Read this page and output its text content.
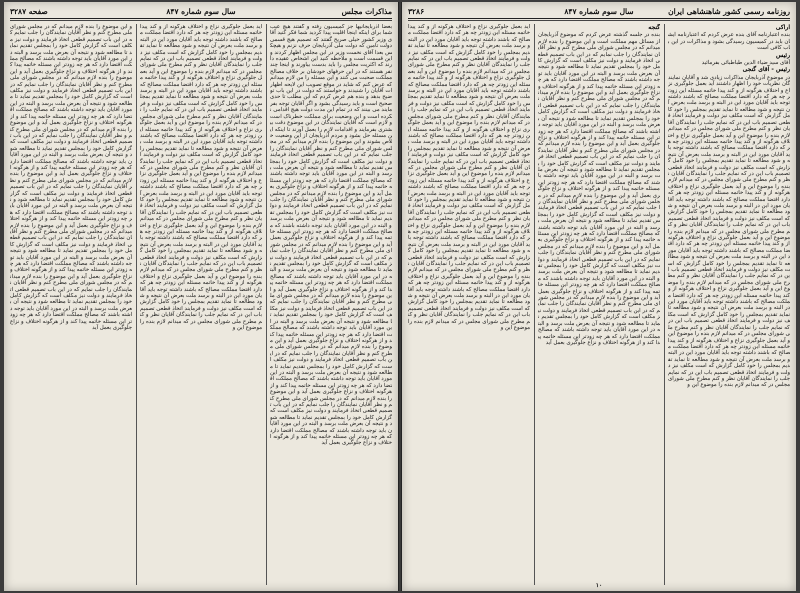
مذاکرات مجلس
سال سوم شماره ۸۴۷
صفحه ۳۲۸۷
و این موضوع را بنده لازم میدانم که در مجلس شورای ملی مطرح کنم و نظر آقایان نمایندگان را جلب نمایم که در این باب تصمیم قطعی اتخاذ فرمایند و دولت نیز مکلف است که گزارش کامل خود را بمجلس تقدیم نماید تا مطالعه شود و نتیجه آن بعرض ملت برسد و البته در این مورد آقایان باید توجه داشته باشند که مصالح مملکت اقتضا دارد که هر چه زودتر این مسئله خاتمه پیدا کند و از هرگونه اختلاف و نزاع جلوگیری بعمل آید و این موضوع را بنده لازم میدانم که در مجلس شورای ملی مطرح کنم و نظر آقایان نمایندگان را جلب نمایم که در این باب تصمیم قطعی اتخاذ فرمایند و دولت نیز مکلف است که گزارش کامل خود را بمجلس تقدیم نماید تا مطالعه شود و نتیجه آن بعرض ملت برسد و البته در این مورد آقایان باید توجه داشته باشند که مصالح مملکت اقتضا دارد که هر چه زودتر این مسئله خاتمه پیدا کند و از هرگونه اختلاف و نزاع جلوگیری بعمل آید و این موضوع را بنده لازم میدانم که در مجلس شورای ملی مطرح کنم و نظر آقایان نمایندگان را جلب نمایم که در این باب تصمیم قطعی اتخاذ فرمایند و دولت نیز مکلف است که گزارش کامل خود را بمجلس تقدیم نماید تا مطالعه شود و نتیجه آن بعرض ملت برسد و البته در این مورد آقایان باید توجه داشته باشند که مصالح مملکت اقتضا دارد که هر چه زودتر این مسئله خاتمه پیدا کند و از هرگونه اختلاف و نزاع جلوگیری بعمل آید و این موضوع را بنده لازم میدانم که در مجلس شورای ملی مطرح کنم و نظر آقایان نمایندگان را جلب نمایم که در این باب تصمیم قطعی اتخاذ فرمایند و دولت نیز مکلف است که گزارش کامل خود را بمجلس تقدیم نماید تا مطالعه شود و نتیجه آن بعرض ملت برسد و البته در این مورد آقایان باید توجه داشته باشند که مصالح مملکت اقتضا دارد که هر چه زودتر این مسئله خاتمه پیدا کند و از هرگونه اختلاف و نزاع جلوگیری بعمل آید و این موضوع را بنده لازم میدانم که در مجلس شورای ملی مطرح کنم و نظر آقایان نمایندگان را جلب نمایم که در این باب تصمیم قطعی اتخاذ فرمایند و دولت نیز مکلف است که گزارش کامل خود را بمجلس تقدیم نماید تا مطالعه شود و نتیجه آن بعرض ملت برسد و البته در این مورد آقایان باید توجه داشته باشند که مصالح مملکت اقتضا دارد که هر چه زودتر این مسئله خاتمه پیدا کند و از هرگونه اختلاف و نزاع جلوگیری بعمل آید و این موضوع را بنده لازم میدانم که در مجلس شورای ملی مطرح کنم و نظر آقایان نمایندگان را جلب نمایم که در این باب تصمیم قطعی اتخاذ فرمایند و دولت نیز مکلف است که گزارش کامل خود را بمجلس تقدیم نماید تا مطالعه شود و نتیجه آن بعرض ملت برسد و البته در این مورد آقایان باید توجه داشته باشند که مصالح مملکت اقتضا دارد که هر چه زودتر این مسئله خاتمه پیدا کند و از هرگونه اختلاف و نزاع جلوگیری بعمل آید
آید بعمل جلوگیری نزاع و اختلاف هرگونه از و کند پیدا خاتمه مسئله این زودتر چه هر که دارد اقتضا مملکت مصالح که باشند داشته توجه باید آقایان مورد این در البته و برسد ملت بعرض آن نتیجه و شود مطالعه تا نماید تقدیم بمجلس را خود کامل گزارش که است مکلف نیز دولت و فرمایند اتخاذ قطعی تصمیم باب این در که نمایم جلب را نمایندگان آقایان نظر و کنم مطرح ملی شورای مجلس در که میدانم لازم بنده را موضوع این و آید بعمل جلوگیری نزاع و اختلاف هرگونه از و کند پیدا خاتمه مسئله این زودتر چه هر که دارد اقتضا مملکت مصالح که باشند داشته توجه باید آقایان مورد این در البته و برسد ملت بعرض آن نتیجه و شود مطالعه تا نماید تقدیم بمجلس را خود کامل گزارش که است مکلف نیز دولت و فرمایند اتخاذ قطعی تصمیم باب این در که نمایم جلب را نمایندگان آقایان نظر و کنم مطرح ملی شورای مجلس در که میدانم لازم بنده را موضوع این و آید بعمل جلوگیری نزاع و اختلاف هرگونه از و کند پیدا خاتمه مسئله این زودتر چه هر که دارد اقتضا مملکت مصالح که باشند داشته توجه باید آقایان مورد این در البته و برسد ملت بعرض آن نتیجه و شود مطالعه تا نماید تقدیم بمجلس را خود کامل گزارش که است مکلف نیز دولت و فرمایند اتخاذ قطعی تصمیم باب این در که نمایم جلب را نمایندگان آقایان نظر و کنم مطرح ملی شورای مجلس در که میدانم لازم بنده را موضوع این و آید بعمل جلوگیری نزاع و اختلاف هرگونه از و کند پیدا خاتمه مسئله این زودتر چه هر که دارد اقتضا مملکت مصالح که باشند داشته توجه باید آقایان مورد این در البته و برسد ملت بعرض آن نتیجه و شود مطالعه تا نماید تقدیم بمجلس را خود کامل گزارش که است مکلف نیز دولت و فرمایند اتخاذ قطعی تصمیم باب این در که نمایم جلب را نمایندگان آقایان نظر و کنم مطرح ملی شورای مجلس در که میدانم لازم بنده را موضوع این و آید بعمل جلوگیری نزاع و اختلاف هرگونه از و کند پیدا خاتمه مسئله این زودتر چه هر که دارد اقتضا مملکت مصالح که باشند داشته توجه باید آقایان مورد این در البته و برسد ملت بعرض آن نتیجه و شود مطالعه تا نماید تقدیم بمجلس را خود کامل گزارش که است مکلف نیز دولت و فرمایند اتخاذ قطعی تصمیم باب این در که نمایم جلب را نمایندگان آقایان نظر و کنم مطرح ملی شورای مجلس در که میدانم لازم بنده را موضوع این و آید بعمل جلوگیری نزاع و اختلاف هرگونه از و کند پیدا خاتمه مسئله این زودتر چه هر که دارد اقتضا مملکت مصالح که باشند داشته توجه باید آقایان مورد این در البته و برسد ملت بعرض آن نتیجه و شود مطالعه تا نماید تقدیم بمجلس را خود کامل گزارش که است مکلف نیز دولت و فرمایند اتخاذ قطعی تصمیم باب این در که نمایم جلب را نمایندگان آقایان نظر و کنم مطرح ملی شورای مجلس در که میدانم لازم بنده را موضوع این و
بعضا آذربایجانیها جز کمیسیون رفته و گفتند هیچ عیب شما برای اینکه اینجا اقلیت پیدا کردید شما فکر کنید آقای وزیر کشور خیلی صریح گفتند که تصمیم هیچ قسمی دولت تامین که دولت ملی آذربایجان حرف نزنم و هیچکس بعدا آقای نخست وزیر در این مجلس اظهار کردند و این قسمت است و ملاحظه کنید این اشخاص عقیده دارند که اکثریت مجلس را باید بدست بیاورند و اینجا چند نفر هستند که در این حرفهای خودشان بر خلاف مصالح مملکت صحبت می کنند و این مسئله را من لازم میدانم که عرض کنم که شاید در موقع تصویب این لایحه اظهارات آقایان را شنیدند و خواستند که دولت در این باب توضیح بدهد و بنده هم عرض کردم که این مطلب تا حدی صحیح است و باید رسیدگی بشود و اگر آقایان توجه بفرمایند می بینند که در تمام این مدت دولت هیچ اقدامی نکرده است و این وضعیت برای مملکت خطرناک است و لازم است که آقایان نمایندگان در این موضوع دقت بیشتری بفرمایند و اقدامات لازم را بعمل آورند تا اینکه این مسئله حل بشود و مردم آذربایجان از این وضعیت خلاص بشوند و این موضوع را بنده لازم میدانم که در مجلس شورای ملی مطرح کنم و نظر آقایان نمایندگان را جلب نمایم که در این باب تصمیم قطعی اتخاذ فرمایند و دولت نیز مکلف است که گزارش کامل خود را بمجلس تقدیم نماید تا مطالعه شود و نتیجه آن بعرض ملت برسد و البته در این مورد آقایان باید توجه داشته باشند که مصالح مملکت اقتضا دارد که هر چه زودتر این مسئله خاتمه پیدا کند و از هرگونه اختلاف و نزاع جلوگیری بعمل آید و این موضوع را بنده لازم میدانم که در مجلس شورای ملی مطرح کنم و نظر آقایان نمایندگان را جلب نمایم که در این باب تصمیم قطعی اتخاذ فرمایند و دولت نیز مکلف است که گزارش کامل خود را بمجلس تقدیم نماید تا مطالعه شود و نتیجه آن بعرض ملت برسد و البته در این مورد آقایان باید توجه داشته باشند که مصالح مملکت اقتضا دارد که هر چه زودتر این مسئله خاتمه پیدا کند و از هرگونه اختلاف و نزاع جلوگیری بعمل آید و این موضوع را بنده لازم میدانم که در مجلس شورای ملی مطرح کنم و نظر آقایان نمایندگان را جلب نمایم که در این باب تصمیم قطعی اتخاذ فرمایند و دولت نیز مکلف است که گزارش کامل خود را بمجلس تقدیم نماید تا مطالعه شود و نتیجه آن بعرض ملت برسد و البته در این مورد آقایان باید توجه داشته باشند که مصالح مملکت اقتضا دارد که هر چه زودتر این مسئله خاتمه پیدا کند و از هرگونه اختلاف و نزاع جلوگیری بعمل آید و این موضوع را بنده لازم میدانم که در مجلس شورای ملی مطرح کنم و نظر آقایان نمایندگان را جلب نمایم که در این باب تصمیم قطعی اتخاذ فرمایند و دولت نیز مکلف است که گزارش کامل خود را بمجلس تقدیم نماید تا مطالعه شود و نتیجه آن بعرض ملت برسد و البته در این مورد آقایان باید توجه داشته باشند که مصالح مملکت اقتضا دارد که هر چه زودتر این مسئله خاتمه پیدا کند و از هرگونه اختلاف و نزاع جلوگیری بعمل آید و این موضوع را بنده لازم میدانم که در مجلس شورای ملی مطرح کنم و نظر آقایان نمایندگان را جلب نمایم که در این باب تصمیم قطعی اتخاذ فرمایند و دولت نیز مکلف است که گزارش کامل خود را بمجلس تقدیم نماید تا مطالعه شود و نتیجه آن بعرض ملت برسد و البته در این مورد آقایان باید توجه داشته باشند که مصالح مملکت اقتضا دارد که هر چه زودتر این مسئله خاتمه پیدا کند و از هرگونه اختلاف و نزاع جلوگیری بعمل آید و این موضوع را بنده لازم میدانم که در مجلس شورای ملی مطرح کنم و نظر آقایان نمایندگان را جلب نمایم که در این باب تصمیم قطعی اتخاذ فرمایند و دولت نیز مکلف است که گزارش کامل خود را بمجلس تقدیم نماید تا مطالعه شود و نتیجه آن بعرض ملت برسد و البته در این مورد آقایان باید توجه داشته باشند که مصالح مملکت اقتضا دارد که هر چه زودتر این مسئله خاتمه پیدا کند و از هرگونه اختلاف و نزاع جلوگیری بعمل آید
روزنامه رسمی کشور شاهنشاهی ایران
سال سوم شماره ۸۴۷
۳۲۸۶
آید بعمل جلوگیری نزاع و اختلاف هرگونه از و کند پیدا خاتمه مسئله این زودتر چه هر که دارد اقتضا مملکت مصالح که باشند داشته توجه باید آقایان مورد این در البته و برسد ملت بعرض آن نتیجه و شود مطالعه تا نماید تقدیم بمجلس را خود کامل گزارش که است مکلف نیز دولت و فرمایند اتخاذ قطعی تصمیم باب این در که نمایم جلب را نمایندگان آقایان نظر و کنم مطرح ملی شورای مجلس در که میدانم لازم بنده را موضوع این و آید بعمل جلوگیری نزاع و اختلاف هرگونه از و کند پیدا خاتمه مسئله این زودتر چه هر که دارد اقتضا مملکت مصالح که باشند داشته توجه باید آقایان مورد این در البته و برسد ملت بعرض آن نتیجه و شود مطالعه تا نماید تقدیم بمجلس را خود کامل گزارش که است مکلف نیز دولت و فرمایند اتخاذ قطعی تصمیم باب این در که نمایم جلب را نمایندگان آقایان نظر و کنم مطرح ملی شورای مجلس در که میدانم لازم بنده را موضوع این و آید بعمل جلوگیری نزاع و اختلاف هرگونه از و کند پیدا خاتمه مسئله این زودتر چه هر که دارد اقتضا مملکت مصالح که باشند داشته توجه باید آقایان مورد این در البته و برسد ملت بعرض آن نتیجه و شود مطالعه تا نماید تقدیم بمجلس را خود کامل گزارش که است مکلف نیز دولت و فرمایند اتخاذ قطعی تصمیم باب این در که نمایم جلب را نمایندگان آقایان نظر و کنم مطرح ملی شورای مجلس در که میدانم لازم بنده را موضوع این و آید بعمل جلوگیری نزاع و اختلاف هرگونه از و کند پیدا خاتمه مسئله این زودتر چه هر که دارد اقتضا مملکت مصالح که باشند داشته توجه باید آقایان مورد این در البته و برسد ملت بعرض آن نتیجه و شود مطالعه تا نماید تقدیم بمجلس را خود کامل گزارش که است مکلف نیز دولت و فرمایند اتخاذ قطعی تصمیم باب این در که نمایم جلب را نمایندگان آقایان نظر و کنم مطرح ملی شورای مجلس در که میدانم لازم بنده را موضوع این و آید بعمل جلوگیری نزاع و اختلاف هرگونه از و کند پیدا خاتمه مسئله این زودتر چه هر که دارد اقتضا مملکت مصالح که باشند داشته توجه باید آقایان مورد این در البته و برسد ملت بعرض آن نتیجه و شود مطالعه تا نماید تقدیم بمجلس را خود کامل گزارش که است مکلف نیز دولت و فرمایند اتخاذ قطعی تصمیم باب این در که نمایم جلب را نمایندگان آقایان نظر و کنم مطرح ملی شورای مجلس در که میدانم لازم بنده را موضوع این و آید بعمل جلوگیری نزاع و اختلاف هرگونه از و کند پیدا خاتمه مسئله این زودتر چه هر که دارد اقتضا مملکت مصالح که باشند داشته توجه باید آقایان مورد این در البته و برسد ملت بعرض آن نتیجه و شود مطالعه تا نماید تقدیم بمجلس را خود کامل گزارش که است مکلف نیز دولت و فرمایند اتخاذ قطعی تصمیم باب این در که نمایم جلب را نمایندگان آقایان نظر و کنم مطرح ملی شورای مجلس در که میدانم لازم بنده را موضوع این و
گنجه
بنده در جلسه گذشته عرض کردم که موضوع آذربایجان از مسائل مهم مملکت است و این موضوع را بنده لازم میدانم که در مجلس شورای ملی مطرح کنم و نظر آقایان نمایندگان را جلب نمایم که در این باب تصمیم قطعی اتخاذ فرمایند و دولت نیز مکلف است که گزارش کامل خود را بمجلس تقدیم نماید تا مطالعه شود و نتیجه آن بعرض ملت برسد و البته در این مورد آقایان باید توجه داشته باشند که مصالح مملکت اقتضا دارد که هر چه زودتر این مسئله خاتمه پیدا کند و از هرگونه اختلاف و نزاع جلوگیری بعمل آید و این موضوع را بنده لازم میدانم که در مجلس شورای ملی مطرح کنم و نظر آقایان نمایندگان را جلب نمایم که در این باب تصمیم قطعی اتخاذ فرمایند و دولت نیز مکلف است که گزارش کامل خود را بمجلس تقدیم نماید تا مطالعه شود و نتیجه آن بعرض ملت برسد و البته در این مورد آقایان باید توجه داشته باشند که مصالح مملکت اقتضا دارد که هر چه زودتر این مسئله خاتمه پیدا کند و از هرگونه اختلاف و نزاع جلوگیری بعمل آید و این موضوع را بنده لازم میدانم که در مجلس شورای ملی مطرح کنم و نظر آقایان نمایندگان را جلب نمایم که در این باب تصمیم قطعی اتخاذ فرمایند و دولت نیز مکلف است که گزارش کامل خود را بمجلس تقدیم نماید تا مطالعه شود و نتیجه آن بعرض ملت برسد و البته در این مورد آقایان باید توجه داشته باشند که مصالح مملکت اقتضا دارد که هر چه زودتر این مسئله خاتمه پیدا کند و از هرگونه اختلاف و نزاع جلوگیری بعمل آید و این موضوع را بنده لازم میدانم که در مجلس شورای ملی مطرح کنم و نظر آقایان نمایندگان را جلب نمایم که در این باب تصمیم قطعی اتخاذ فرمایند و دولت نیز مکلف است که گزارش کامل خود را بمجلس تقدیم نماید تا مطالعه شود و نتیجه آن بعرض ملت برسد و البته در این مورد آقایان باید توجه داشته باشند که مصالح مملکت اقتضا دارد که هر چه زودتر این مسئله خاتمه پیدا کند و از هرگونه اختلاف و نزاع جلوگیری بعمل آید و این موضوع را بنده لازم میدانم که در مجلس شورای ملی مطرح کنم و نظر آقایان نمایندگان را جلب نمایم که در این باب تصمیم قطعی اتخاذ فرمایند و دولت نیز مکلف است که گزارش کامل خود را بمجلس تقدیم نماید تا مطالعه شود و نتیجه آن بعرض ملت برسد و البته در این مورد آقایان باید توجه داشته باشند که مصالح مملکت اقتضا دارد که هر چه زودتر این مسئله خاتمه پیدا کند و از هرگونه اختلاف و نزاع جلوگیری بعمل آید و این موضوع را بنده لازم میدانم که در مجلس شورای ملی مطرح کنم و نظر آقایان نمایندگان را جلب نمایم که در این باب تصمیم قطعی اتخاذ فرمایند و دولت نیز مکلف است که گزارش کامل خود را بمجلس تقدیم نماید تا مطالعه شود و نتیجه آن بعرض ملت برسد و البته در این مورد آقایان باید توجه داشته باشند که مصالح مملکت اقتضا دارد که هر چه زودتر این مسئله خاتمه پیدا کند و از هرگونه اختلاف و نزاع جلوگیری بعمل آید
اراکی
بنده اعتبارنامه آقای بنده عرض کردم که اعتبارنامه ایشان باید در کمیسیون رسیدگی بشود و مذاکرات در این باب کافی است
رئیس
آقای سید ضیاء الدین طباطبائی بفرمائید
رئیس - آقای گنجی
در موضوع آذربایجان مذاکرات زیادی شد و آقایان نمایندگان نظریات خود را اظهار داشتند آید بعمل جلوگیری نزاع و اختلاف هرگونه از و کند پیدا خاتمه مسئله این زودتر چه هر که دارد اقتضا مملکت مصالح که باشند داشته توجه باید آقایان مورد این در البته و برسد ملت بعرض آن نتیجه و شود مطالعه تا نماید تقدیم بمجلس را خود کامل گزارش که است مکلف نیز دولت و فرمایند اتخاذ قطعی تصمیم باب این در که نمایم جلب را نمایندگان آقایان نظر و کنم مطرح ملی شورای مجلس در که میدانم لازم بنده را موضوع این و آید بعمل جلوگیری نزاع و اختلاف هرگونه از و کند پیدا خاتمه مسئله این زودتر چه هر که دارد اقتضا مملکت مصالح که باشند داشته توجه باید آقایان مورد این در البته و برسد ملت بعرض آن نتیجه و شود مطالعه تا نماید تقدیم بمجلس را خود کامل گزارش که است مکلف نیز دولت و فرمایند اتخاذ قطعی تصمیم باب این در که نمایم جلب را نمایندگان آقایان نظر و کنم مطرح ملی شورای مجلس در که میدانم لازم بنده را موضوع این و آید بعمل جلوگیری نزاع و اختلاف هرگونه از و کند پیدا خاتمه مسئله این زودتر چه هر که دارد اقتضا مملکت مصالح که باشند داشته توجه باید آقایان مورد این در البته و برسد ملت بعرض آن نتیجه و شود مطالعه تا نماید تقدیم بمجلس را خود کامل گزارش که است مکلف نیز دولت و فرمایند اتخاذ قطعی تصمیم باب این در که نمایم جلب را نمایندگان آقایان نظر و کنم مطرح ملی شورای مجلس در که میدانم لازم بنده را موضوع این و آید بعمل جلوگیری نزاع و اختلاف هرگونه از و کند پیدا خاتمه مسئله این زودتر چه هر که دارد اقتضا مملکت مصالح که باشند داشته توجه باید آقایان مورد این در البته و برسد ملت بعرض آن نتیجه و شود مطالعه تا نماید تقدیم بمجلس را خود کامل گزارش که است مکلف نیز دولت و فرمایند اتخاذ قطعی تصمیم باب این در که نمایم جلب را نمایندگان آقایان نظر و کنم مطرح ملی شورای مجلس در که میدانم لازم بنده را موضوع این و آید بعمل جلوگیری نزاع و اختلاف هرگونه از و کند پیدا خاتمه مسئله این زودتر چه هر که دارد اقتضا مملکت مصالح که باشند داشته توجه باید آقایان مورد این در البته و برسد ملت بعرض آن نتیجه و شود مطالعه تا نماید تقدیم بمجلس را خود کامل گزارش که است مکلف نیز دولت و فرمایند اتخاذ قطعی تصمیم باب این در که نمایم جلب را نمایندگان آقایان نظر و کنم مطرح ملی شورای مجلس در که میدانم لازم بنده را موضوع این و آید بعمل جلوگیری نزاع و اختلاف هرگونه از و کند پیدا خاتمه مسئله این زودتر چه هر که دارد اقتضا مملکت مصالح که باشند داشته توجه باید آقایان مورد این در البته و برسد ملت بعرض آن نتیجه و شود مطالعه تا نماید تقدیم بمجلس را خود کامل گزارش که است مکلف نیز دولت و فرمایند اتخاذ قطعی تصمیم باب این در که نمایم جلب را نمایندگان آقایان نظر و کنم مطرح ملی شورای مجلس در که میدانم لازم بنده را موضوع این و
۱۰
